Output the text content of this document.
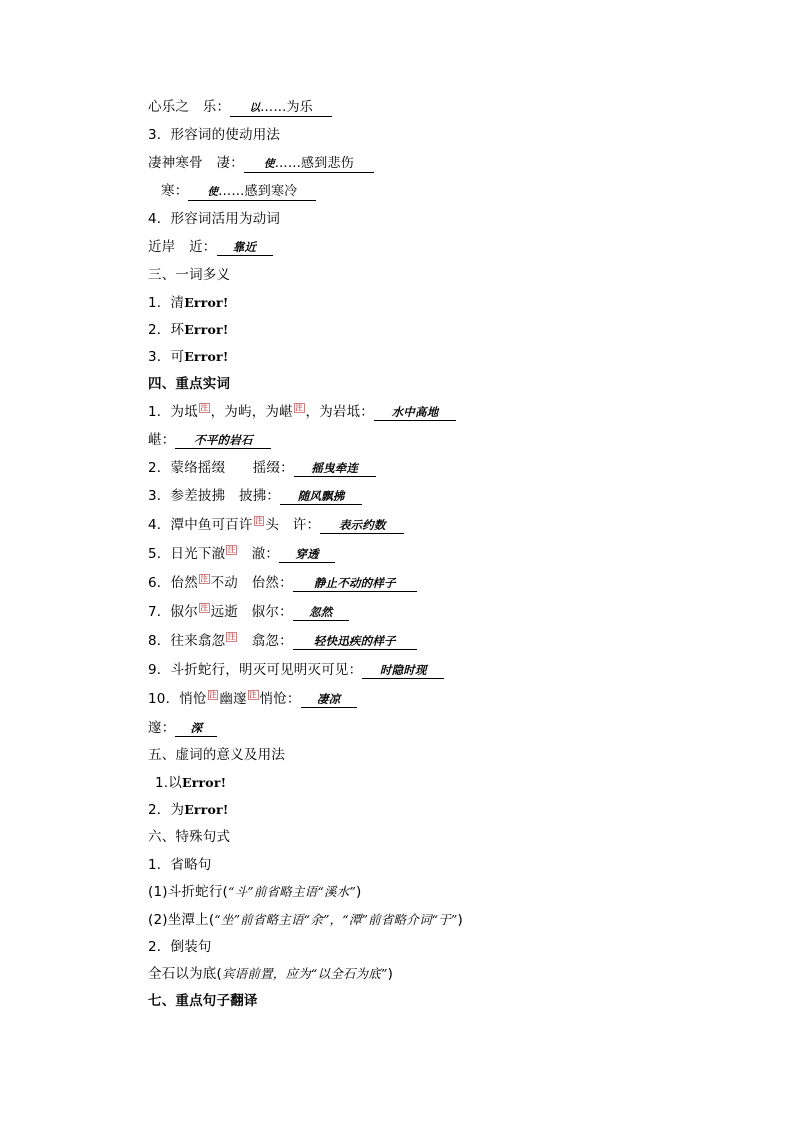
心乐之　乐： 以……为乐
3．形容词的使动用法
凄神寒骨　凄： 使……感到悲伤
寒： 使……感到寒冷
4．形容词活用为动词
近岸　近： 靠近
三、一词多义
1．清Error!
2．环Error!
3．可Error!
四、重点实词
1．为坻 注 ，为屿，为嵁 注 ，为岩坻： 水中高地
嵁： 不平的岩石
2．蒙络摇缀　　摇缀： 摇曳牵连
3．参差披拂　披拂： 随风飘拂
4．潭中鱼可百许 注 头　许： 表示约数
5．日光下澈 注　澈： 穿透
6．佁然 注 不动　佁然： 静止不动的样子
7．俶尔 注 远逝　俶尔： 忽然
8．往来翕忽 注　翕忽： 轻快迅疾的样子
9．斗折蛇行，明灭可见明灭可见： 时隐时现
10．悄怆 注 幽邃 注 悄怆： 凄凉
邃： 深
五、虚词的意义及用法
1.以Error!
2．为Error!
六、特殊句式
1．省略句
(1)斗折蛇行(“斗”前省略主语“溪水”)
(2)坐潭上(“坐”前省略主语“余”，“潭”前省略介词“于”)
2．倒装句
全石以为底(宾语前置，应为“以全石为底”)
七、重点句子翻译
